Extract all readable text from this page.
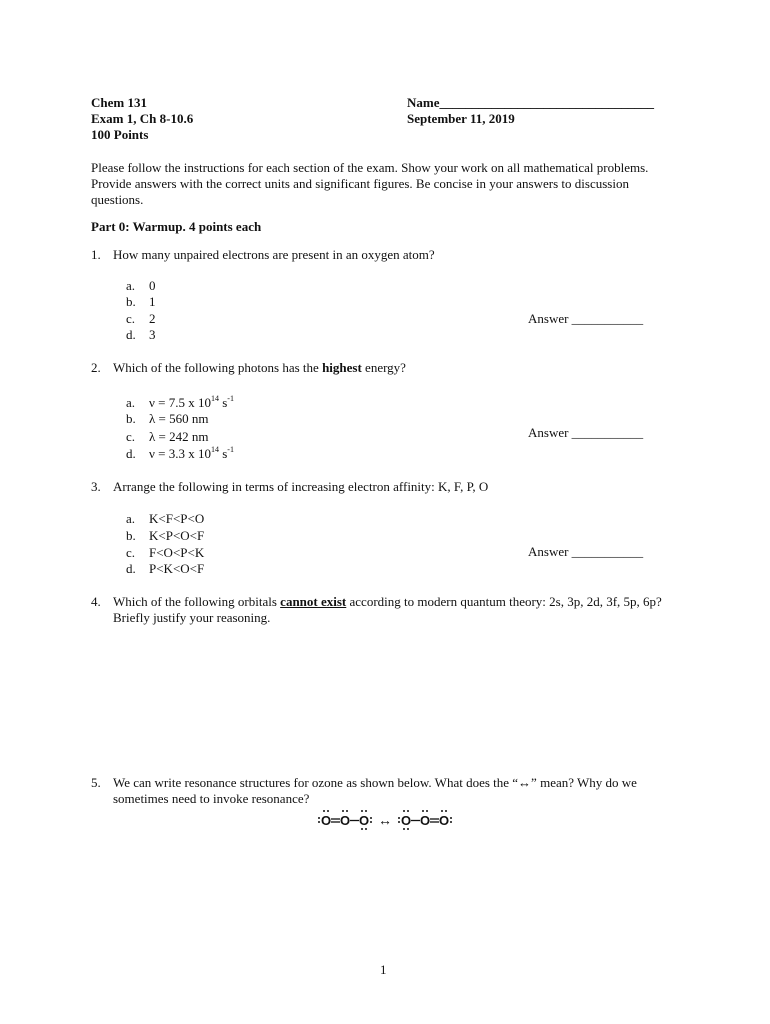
Chem 131
Exam 1, Ch 8-10.6
100 Points
Name_________________________________
September 11, 2019
Please follow the instructions for each section of the exam. Show your work on all mathematical problems. Provide answers with the correct units and significant figures. Be concise in your answers to discussion questions.
Part 0: Warmup. 4 points each
1. How many unpaired electrons are present in an oxygen atom?
a. 0
b. 1
c. 2
d. 3
Answer ___________
2. Which of the following photons has the highest energy?
a. ν = 7.5 x $10^{14}$ $s^{-1}$
b. λ = 560 nm
c. λ = 242 nm
d. ν = 3.3 x $10^{14}$ $s^{-1}$
Answer ___________
3. Arrange the following in terms of increasing electron affinity: K, F, P, O
a. K<F<P<O
b. K<P<O<F
c. F<O<P<K
d. P<K<O<F
Answer ___________
4. Which of the following orbitals cannot exist according to modern quantum theory: 2s, 3p, 2d, 3f, 5p, 6p? Briefly justify your reasoning.
5. We can write resonance structures for ozone as shown below. What does the “↔” mean? Why do we sometimes need to invoke resonance?
O O O O O O
↔
1
